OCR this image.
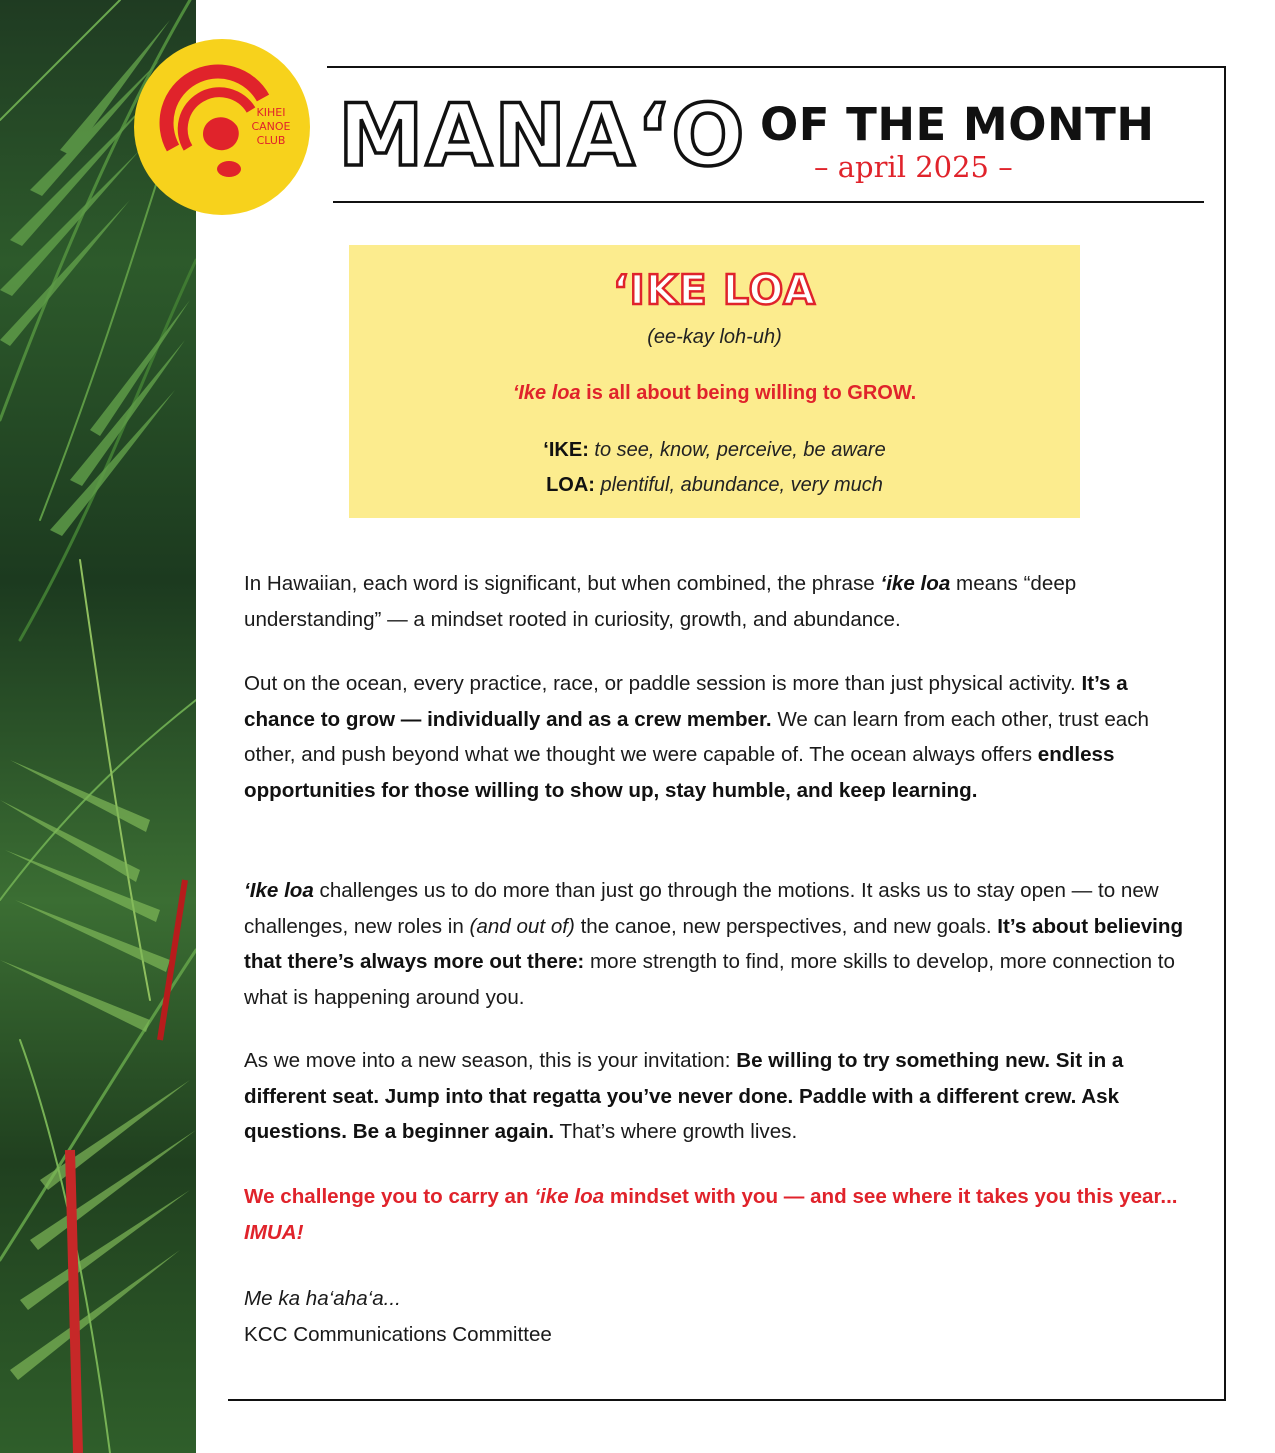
KIHEI
CANOE
CLUB MANA‘O OF THE MONTH
– april 2025 –
‘IKE LOA
(ee-kay loh-uh)
‘Ike loa is all about being willing to GROW.
‘IKE: to see, know, perceive, be aware
LOA: plentiful, abundance, very much

In Hawaiian, each word is significant, but when combined, the phrase ‘ike loa means “deep understanding” — a mindset rooted in curiosity, growth, and abundance.

Out on the ocean, every practice, race, or paddle session is more than just physical activity. It’s a chance to grow — individually and as a crew member. We can learn from each other, trust each other, and push beyond what we thought we were capable of. The ocean always offers endless opportunities for those willing to show up, stay humble, and keep learning.

‘Ike loa challenges us to do more than just go through the motions. It asks us to stay open — to new challenges, new roles in (and out of) the canoe, new perspectives, and new goals. It’s about believing that there’s always more out there: more strength to find, more skills to develop, more connection to what is happening around you.

As we move into a new season, this is your invitation: Be willing to try something new. Sit in a different seat. Jump into that regatta you’ve never done. Paddle with a different crew. Ask questions. Be a beginner again. That’s where growth lives.

We challenge you to carry an ‘ike loa mindset with you — and see where it takes you this year... IMUA!

Me ka ha‘aha‘a...
KCC Communications Committee
